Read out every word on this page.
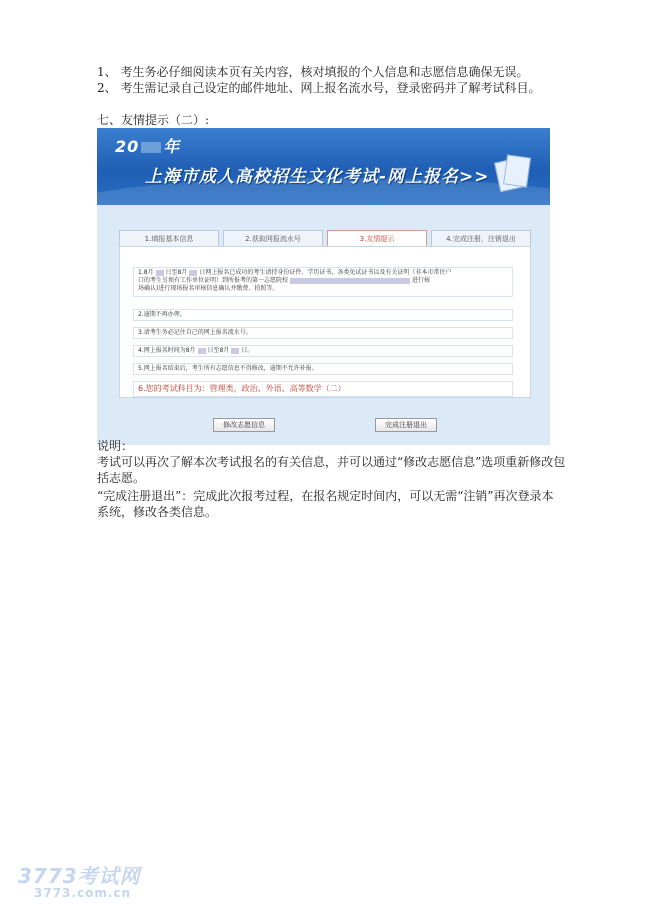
1、 考生务必仔细阅读本页有关内容，核对填报的个人信息和志愿信息确保无误。
2、 考生需记录自己设定的邮件地址、网上报名流水号，登录密码并了解考试科目。
七、友情提示（二）:
20 年
上海市成人高校招生文化考试-网上报名>>
1.填报基本信息	2.获取网报流水号	3.友情提示	4.完成注册，注销退出
1.8月 日至8月 日网上报名已成功的考生请持身份证件、学历证书，各类免试证书以及有关证明（非本市常住户
口的考生另须有工作单位证明）到所报考的第一志愿院校	进行核
场确认)进行现场报名审核信息确认并缴费、拍照等。
2.逾期不再办理。
3.请考生务必记住自己的网上报名流水号。
4.网上报名时间为8月 日至8月 日。
5.网上报名结束后，考生所有志愿信息不得修改，逾期不允许补报。
6.您的考试科目为：管理类，政治、外语、高等数学（二）
修改志愿信息	完成注册退出
说明：
考试可以再次了解本次考试报名的有关信息，并可以通过“修改志愿信息”选项重新修改包
括志愿。
“完成注册退出”：完成此次报考过程，在报名规定时间内，可以无需“注销”再次登录本
系统，修改各类信息。
3773考试网
3773.com.cn
